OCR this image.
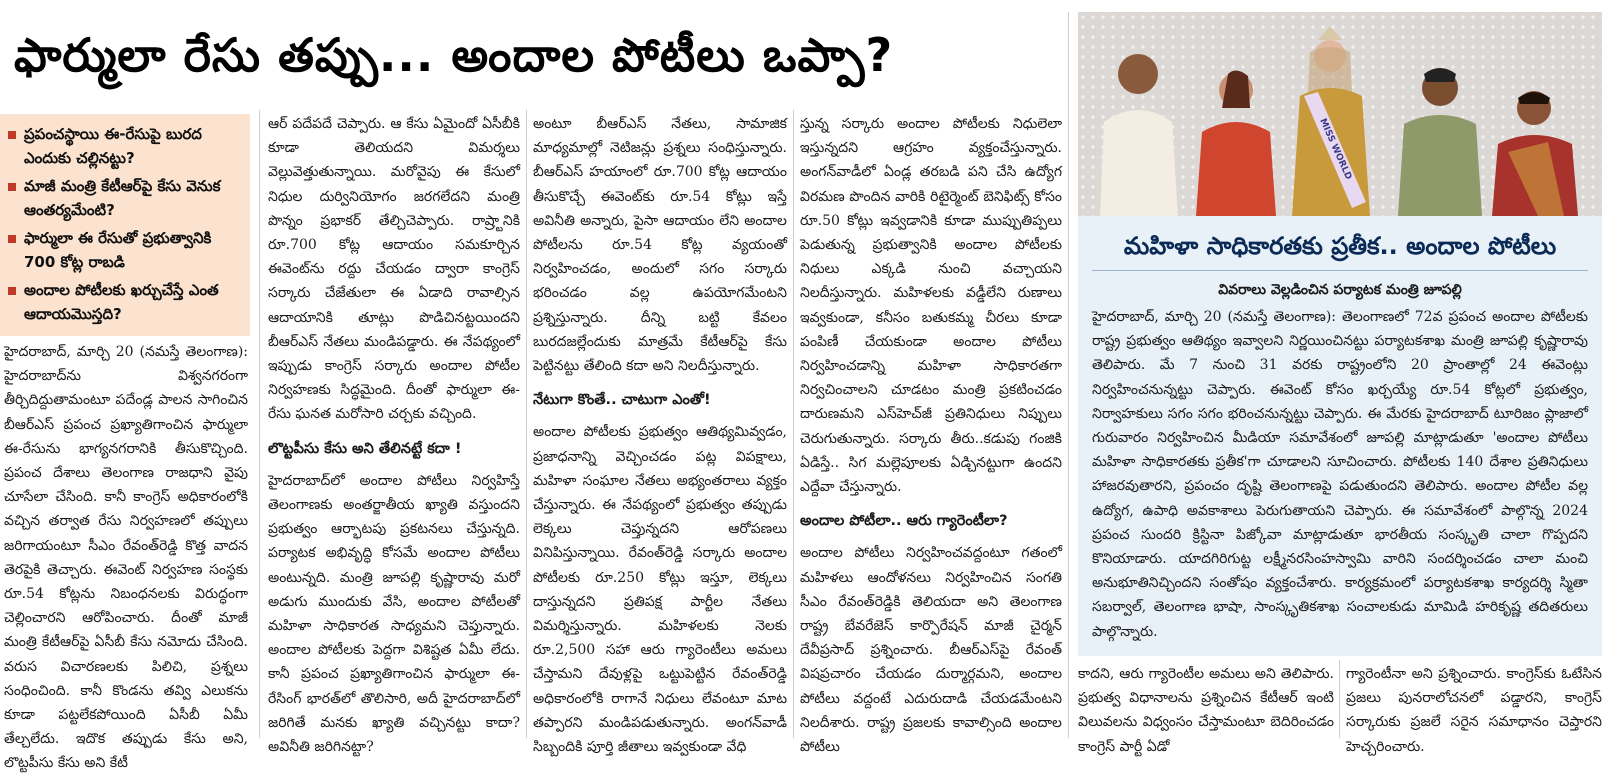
ఫార్ములా రేసు తప్పు... అందాల పోటీలు ఒప్పా?
ప్రపంచస్థాయి ఈ-రేసుపై బురద ఎందుకు చల్లినట్టు?
మాజీ మంత్రి కేటీఆర్‌పై కేసు వెనుక ఆంతర్యమేంటి?
ఫార్ములా ఈ రేసుతో ప్రభుత్వానికి 700 కోట్ల రాబడి
అందాల పోటీలకు ఖర్చుచేస్తే ఎంత ఆదాయమొస్తది?

హైదరాబాద్, మార్చి 20 (నమస్తే తెలంగాణ): హైదరాబాద్‌ను విశ్వనగరంగా తీర్చిదిద్దుతామంటూ పదేండ్ల పాలన సాగించిన బీఆర్‌ఎస్ ప్రపంచ ప్రఖ్యాతిగాంచిన ఫార్ములా ఈ-రేసును భాగ్యనగరానికి తీసుకొచ్చింది. ప్రపంచ దేశాలు తెలంగాణ రాజధాని వైపు చూసేలా చేసింది. కానీ కాంగ్రెస్ అధికారంలోకి వచ్చిన తర్వాత రేసు నిర్వహణలో తప్పులు జరిగాయంటూ సీఎం రేవంత్‌రెడ్డి కొత్త వాదన తెరపైకి తెచ్చారు. ఈవెంట్ నిర్వహణ సంస్థకు రూ.54 కోట్లను నిబంధనలకు విరుద్ధంగా చెల్లించారని ఆరోపించారు. దీంతో మాజీ మంత్రి కేటీఆర్‌పై ఏసీబీ కేసు నమోదు చేసింది. వరుస విచారణలకు పిలిచి, ప్రశ్నలు సంధించింది. కానీ కొండను తవ్వి ఎలుకను కూడా పట్టలేకపోయింది ఏసీబీ ఏమీ తేల్చలేదు. ఇదొక తప్పుడు కేసు అని, లొట్టపీసు కేసు అని కేటీ

ఆర్ పదేపదే చెప్పారు. ఆ కేసు ఏమైందో ఏసీబీకి కూడా తెలియదని విమర్శలు వెల్లువెత్తుతున్నాయి. మరోవైపు ఈ కేసులో నిధుల దుర్వినియోగం జరగలేదని మంత్రి పొన్నం ప్రభాకర్ తేల్చిచెప్పారు. రాష్ర్టానికి రూ.700 కోట్ల ఆదాయం సమకూర్చిన ఈవెంట్‌ను రద్దు చేయడం ద్వారా కాంగ్రెస్ సర్కారు చేజేతులా ఈ ఏడాది రావాల్సిన ఆదాయానికి తూట్లు పొడిచినట్టయిందని బీఆర్‌ఎస్ నేతలు మండిపడ్డారు. ఈ నేపథ్యంలో ఇప్పుడు కాంగ్రెస్ సర్కారు అందాల పోటీల నిర్వహణకు సిద్ధమైంది. దీంతో ఫార్ములా ఈ-రేసు ఘనత మరోసారి చర్చకు వచ్చింది.

లొట్టపీసు కేసు అని తేలినట్టే కదా !

హైదరాబాద్‌లో అందాల పోటీలు నిర్వహిస్తే తెలంగాణకు అంతర్జాతీయ ఖ్యాతి వస్తుందని ప్రభుత్వం ఆర్భాటపు ప్రకటనలు చేస్తున్నది. పర్యాటక అభివృద్ధి కోసమే అందాల పోటీలు అంటున్నది. మంత్రి జూపల్లి కృష్ణారావు మరో అడుగు ముందుకు వేసి, అందాల పోటీలతో మహిళా సాధికారత సాధ్యమని చెప్తున్నారు. అందాల పోటీలకు పెద్దగా విశిష్టత ఏమీ లేదు. కానీ ప్రపంచ ప్రఖ్యాతిగాంచిన ఫార్ములా ఈ-రేసింగ్ భారత్‌లో తొలిసారి, అదీ హైదరాబాద్‌లో జరిగితే మనకు ఖ్యాతి వచ్చినట్టు కాదా? అవినీతి జరిగినట్టా?

అంటూ బీఆర్‌ఎస్ నేతలు, సామాజిక మాధ్యమాల్లో నెటిజన్లు ప్రశ్నలు సంధిస్తున్నారు. బీఆర్‌ఎస్ హయాంలో రూ.700 కోట్ల ఆదాయం తీసుకొచ్చే ఈవెంట్‌కు రూ.54 కోట్లు ఇస్తే అవినీతి అన్నారు, పైసా ఆదాయం లేని అందాల పోటీలను రూ.54 కోట్ల వ్యయంతో నిర్వహించడం, అందులో సగం సర్కారు భరించడం వల్ల ఉపయోగమేంటని ప్రశ్నిస్తున్నారు. దీన్ని బట్టి కేవలం బురదజల్లేందుకు మాత్రమే కేటీఆర్‌పై కేసు పెట్టినట్టు తేలింది కదా అని నిలదీస్తున్నారు.

నేటుగా కొంతే.. చాటుగా ఎంతో!

అందాల పోటీలకు ప్రభుత్వం ఆతిథ్యమివ్వడం, ప్రజాధనాన్ని వెచ్చించడం పట్ల విపక్షాలు, మహిళా సంఘాల నేతలు అభ్యంతరాలు వ్యక్తం చేస్తున్నారు. ఈ నేపథ్యంలో ప్రభుత్వం తప్పుడు లెక్కలు చెప్తున్నదని ఆరోపణలు వినిపిస్తున్నాయి. రేవంత్‌రెడ్డి సర్కారు అందాల పోటీలకు రూ.250 కోట్లు ఇస్తూ, లెక్కలు దాస్తున్నదని ప్రతిపక్ష పార్టీల నేతలు విమర్శిస్తున్నారు. మహిళలకు నెలకు రూ.2,500 సహా ఆరు గ్యారెంటీలు అమలు చేస్తామని దేవుళ్లపై ఒట్టుపెట్టిన రేవంత్‌రెడ్డి అధికారంలోకి రాగానే నిధులు లేవంటూ మాట తప్పారని మండిపడుతున్నారు. అంగన్‌వాడీ సిబ్బందికి పూర్తి జీతాలు ఇవ్వకుండా వేధి

స్తున్న సర్కారు అందాల పోటీలకు నిధులెలా ఇస్తున్నదని ఆగ్రహం వ్యక్తంచేస్తున్నారు. అంగన్‌వాడీలో ఏండ్ల తరబడి పని చేసి ఉద్యోగ విరమణ పొందిన వారికి రిటైర్మెంట్ బెనిఫిట్స్ కోసం రూ.50 కోట్లు ఇవ్వడానికి కూడా ముప్పుతిప్పలు పెడుతున్న ప్రభుత్వానికి అందాల పోటీలకు నిధులు ఎక్కడి నుంచి వచ్చాయని నిలదీస్తున్నారు. మహిళలకు వడ్డీలేని రుణాలు ఇవ్వకుండా, కనీసం బతుకమ్మ చీరలు కూడా పంపిణీ చేయకుండా అందాల పోటీలు నిర్వహించడాన్ని మహిళా సాధికారతగా నిర్వచించాలని చూడటం మంత్రి ప్రకటించడం దారుణమని ఎస్‌హెచ్‌జీ ప్రతినిధులు నిప్పులు చెరుగుతున్నారు. సర్కారు తీరు..కడుపు గంజికి ఏడిస్తే.. సిగ మల్లెపూలకు ఏడ్చినట్టుగా ఉందని ఎద్దేవా చేస్తున్నారు.

అందాల పోటీలా.. ఆరు గ్యారెంటీలా?

అందాల పోటీలు నిర్వహించవద్దంటూ గతంలో మహిళలు ఆందోళనలు నిర్వహించిన సంగతి సీఎం రేవంత్‌రెడ్డికి తెలియదా అని తెలంగాణ రాష్ట్ర బేవరేజెస్ కార్పొరేషన్ మాజీ చైర్మన్ దేవీప్రసాద్ ప్రశ్నించారు. బీఆర్‌ఎస్‌పై రేవంత్ విషప్రచారం చేయడం దుర్మార్గమని, అందాల పోటీలు వద్దంటే ఎదురుదాడి చేయడమేంటని నిలదీశారు. రాష్ట్ర ప్రజలకు కావాల్సింది అందాల పోటీలు

MISS WORLD
మహిళా సాధికారతకు ప్రతీక.. అందాల పోటీలు
వివరాలు వెల్లడించిన పర్యాటక మంత్రి జూపల్లి
హైదరాబాద్, మార్చి 20 (నమస్తే తెలంగాణ): తెలంగాణలో 72వ ప్రపంచ అందాల పోటీలకు రాష్ట్ర ప్రభుత్వం ఆతిథ్యం ఇవ్వాలని నిర్ణయించినట్టు పర్యాటకశాఖ మంత్రి జూపల్లి కృష్ణారావు తెలిపారు. మే 7 నుంచి 31 వరకు రాష్ట్రంలోని 20 ప్రాంతాల్లో 24 ఈవెంట్లు నిర్వహించనున్నట్టు చెప్పారు. ఈవెంట్ కోసం ఖర్చయ్యే రూ.54 కోట్లలో ప్రభుత్వం, నిర్వాహకులు సగం సగం భరించనున్నట్టు చెప్పారు. ఈ మేరకు హైదరాబాద్ టూరిజం ప్లాజాలో గురువారం నిర్వహించిన మీడియా సమావేశంలో జూపల్లి మాట్లాడుతూ 'అందాల పోటీలు మహిళా సాధికారతకు ప్రతీక'గా చూడాలని సూచించారు. పోటీలకు 140 దేశాల ప్రతినిధులు హాజరవుతారని, ప్రపంచం దృష్టి తెలంగాణపై పడుతుందని తెలిపారు. అందాల పోటీల వల్ల ఉద్యోగ, ఉపాధి అవకాశాలు పెరుగుతాయని చెప్పారు. ఈ సమావేశంలో పాల్గొన్న 2024 ప్రపంచ సుందరి క్రిస్టినా పిజ్కోవా మాట్లాడుతూ భారతీయ సంస్కృతి చాలా గొప్పదని కొనియాడారు. యాదగిరిగుట్ట లక్ష్మీనరసింహస్వామి వారిని సందర్శించడం చాలా మంచి అనుభూతినిచ్చిందని సంతోషం వ్యక్తంచేశారు. కార్యక్రమంలో పర్యాటకశాఖ కార్యదర్శి స్మితా సబర్వాల్, తెలంగాణ భాషా, సాంస్కృతికశాఖ సంచాలకుడు మామిడి హరికృష్ణ తదితరులు పాల్గొన్నారు.

కాదని, ఆరు గ్యారెంటీల అమలు అని తెలిపారు. ప్రభుత్వ విధానాలను ప్రశ్నించిన కేటీఆర్ ఇంటి విలువలను విధ్వంసం చేస్తామంటూ బెదిరించడం కాంగ్రెస్ పార్టీ ఏడో

గ్యారెంటీనా అని ప్రశ్నించారు. కాంగ్రెస్‌కు ఓటేసిన ప్రజలు పునరాలోచనలో పడ్డారని, కాంగ్రెస్ సర్కారుకు ప్రజలే సరైన సమాధానం చెప్తారని హెచ్చరించారు.
